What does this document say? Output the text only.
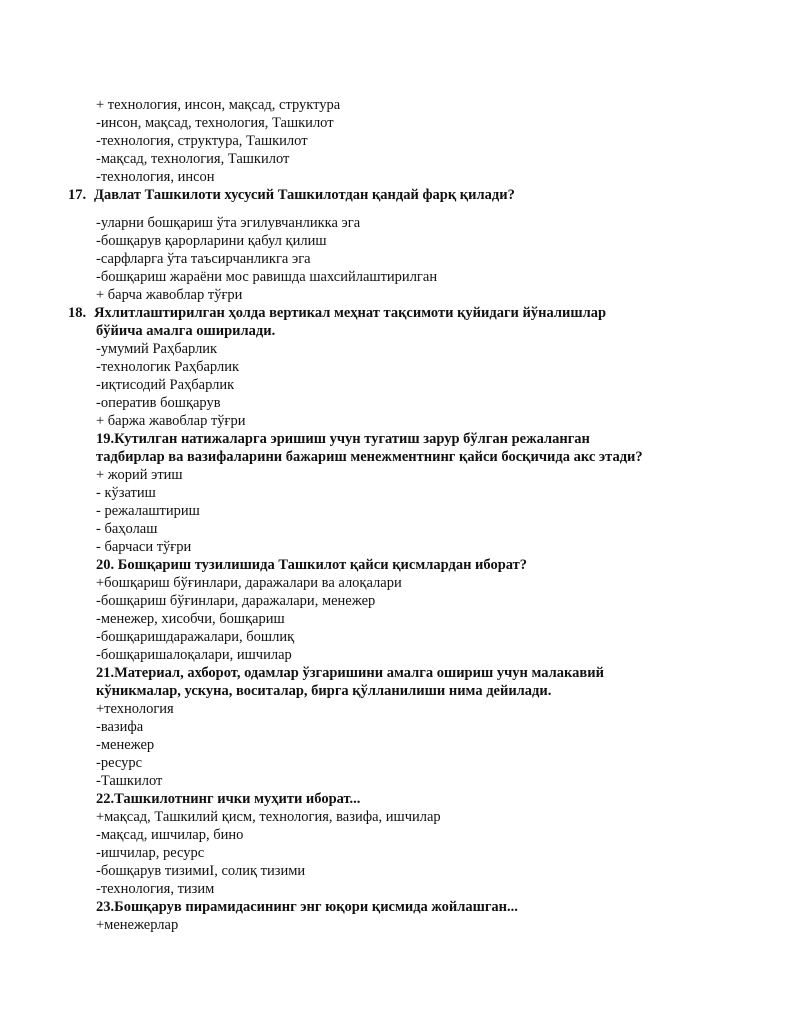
+ технология, инсон, мақсад, структура
-инсон, мақсад, технология, Ташкилот
-технология, структура, Ташкилот
-мақсад, технология, Ташкилот
-технология, инсон
17. Давлат Ташкилоти хусусий Ташкилотдан қандай фарқ қилади?
-уларни бошқариш ўта эгилувчанликка эга
-бошқарув қарорларини қабул қилиш
-сарфларга ўта таъсирчанликга эга
-бошқариш жараёни мос равишда шахсийлаштирилган
+ барча жавоблар тўғри
18. Яхлитлаштирилган ҳолда вертикал меҳнат тақсимоти қуйидаги йўналишлар
бўйича амалга оширилади.
-умумий Раҳбарлик
-технологик Раҳбарлик
-иқтисодий Раҳбарлик
-оператив бошқарув
+ баржа жавоблар тўғри
19.Кутилган натижаларга эришиш учун тугатиш зарур бўлган режаланган
тадбирлар ва вазифаларини бажариш менежментнинг қайси босқичида акс этади?
+ жорий этиш
- кўзатиш
- режалаштириш
- баҳолаш
- барчаси тўғри
20. Бошқариш тузилишида Ташкилот қайси қисмлардан иборат?
+бошқариш бўғинлари, даражалари ва алоқалари
-бошқариш бўғинлари, даражалари, менежер
-менежер, хисобчи, бошқариш
-бошқаришдаражалари, бошлиқ
-бошқаришалоқалари, ишчилар
21.Материал, ахборот, одамлар ўзгаришини амалга ошириш учун малакавий
кўникмалар, ускуна, воситалар, бирга қўлланилиши нима дейилади.
+технология
-вазифа
-менежер
-ресурс
-Ташкилот
22.Ташкилотнинг ички муҳити иборат...
+мақсад, Ташкилий қисм, технология, вазифа, ишчилар
-мақсад, ишчилар, бино
-ишчилар, ресурс
-бошқарув тизимиI, солиқ тизими
-технология, тизим
23.Бошқарув пирамидасининг энг юқори қисмида жойлашган...
+менежерлар
